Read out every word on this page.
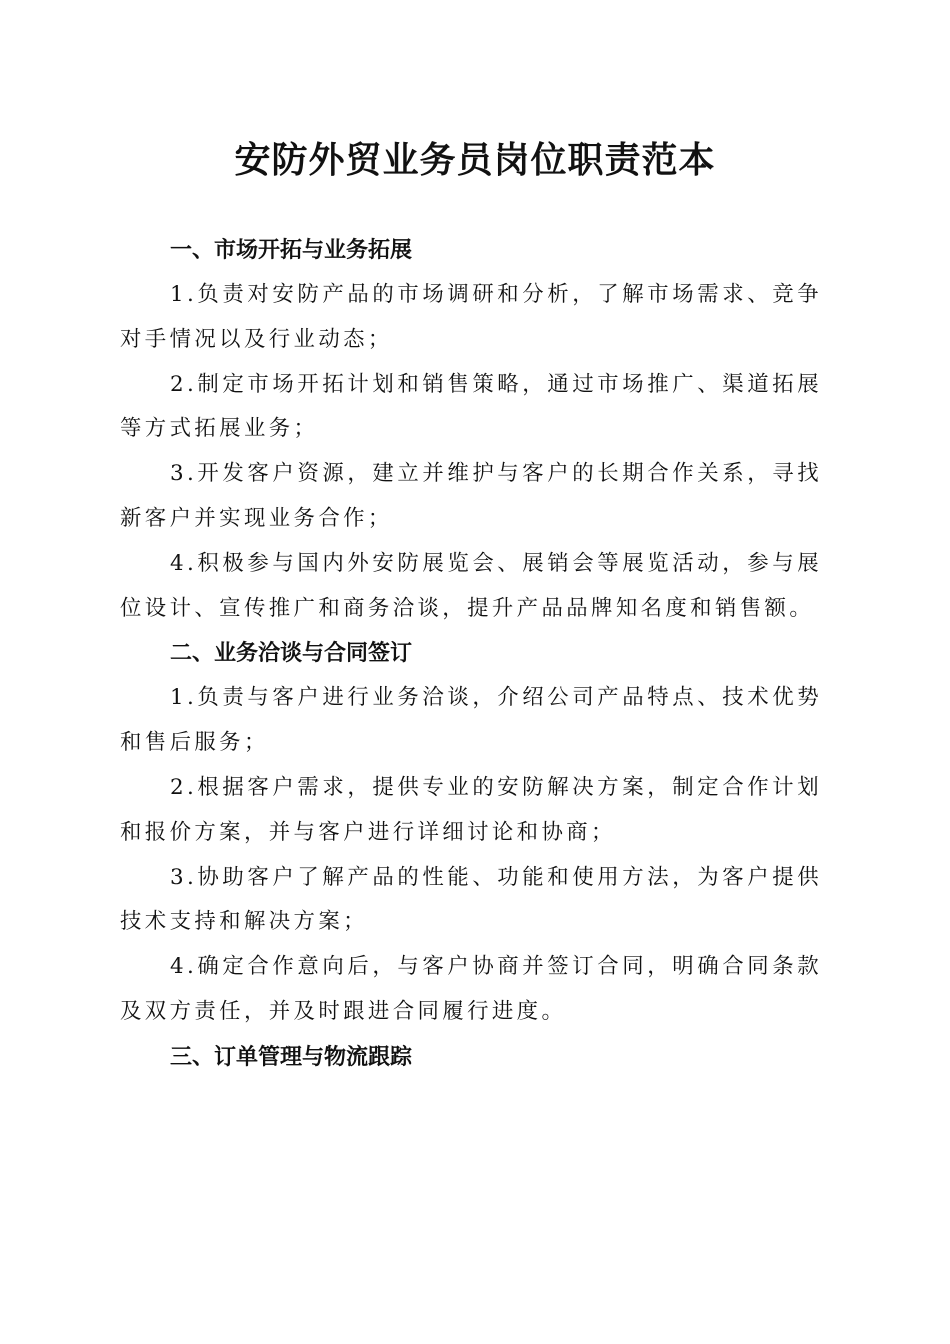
安防外贸业务员岗位职责范本
一、市场开拓与业务拓展

1.负责对安防产品的市场调研和分析，了解市场需求、竞争对手情况以及行业动态；

2.制定市场开拓计划和销售策略，通过市场推广、渠道拓展等方式拓展业务；

3.开发客户资源，建立并维护与客户的长期合作关系，寻找新客户并实现业务合作；

4.积极参与国内外安防展览会、展销会等展览活动，参与展位设计、宣传推广和商务洽谈，提升产品品牌知名度和销售额。

二、业务洽谈与合同签订

1.负责与客户进行业务洽谈，介绍公司产品特点、技术优势和售后服务；

2.根据客户需求，提供专业的安防解决方案，制定合作计划和报价方案，并与客户进行详细讨论和协商；

3.协助客户了解产品的性能、功能和使用方法，为客户提供技术支持和解决方案；

4.确定合作意向后，与客户协商并签订合同，明确合同条款及双方责任，并及时跟进合同履行进度。

三、订单管理与物流跟踪
